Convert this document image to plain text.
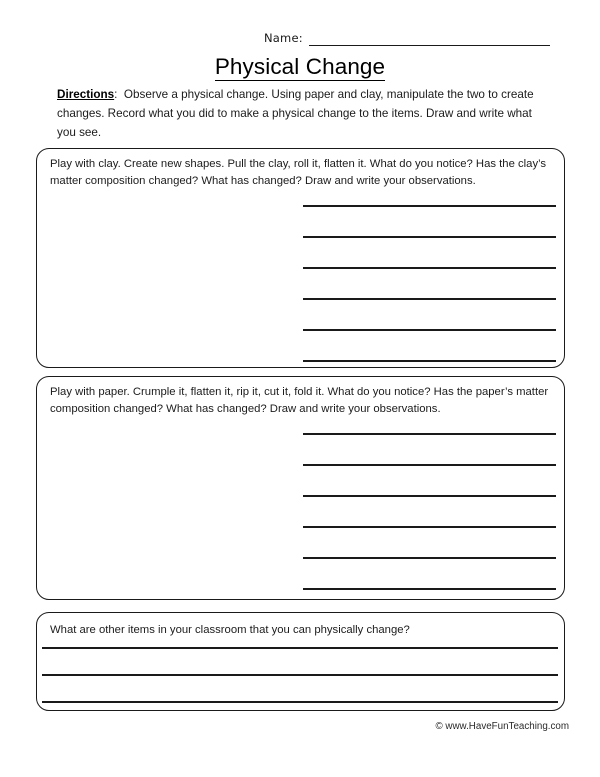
Name:
Physical Change
Directions: Observe a physical change. Using paper and clay, manipulate the two to create changes. Record what you did to make a physical change to the items. Draw and write what you see.
Play with clay. Create new shapes. Pull the clay, roll it, flatten it. What do you notice? Has the clay’s matter composition changed? What has changed? Draw and write your observations.
Play with paper. Crumple it, flatten it, rip it, cut it, fold it. What do you notice? Has the paper’s matter composition changed? What has changed? Draw and write your observations.
What are other items in your classroom that you can physically change?
© www.HaveFunTeaching.com
